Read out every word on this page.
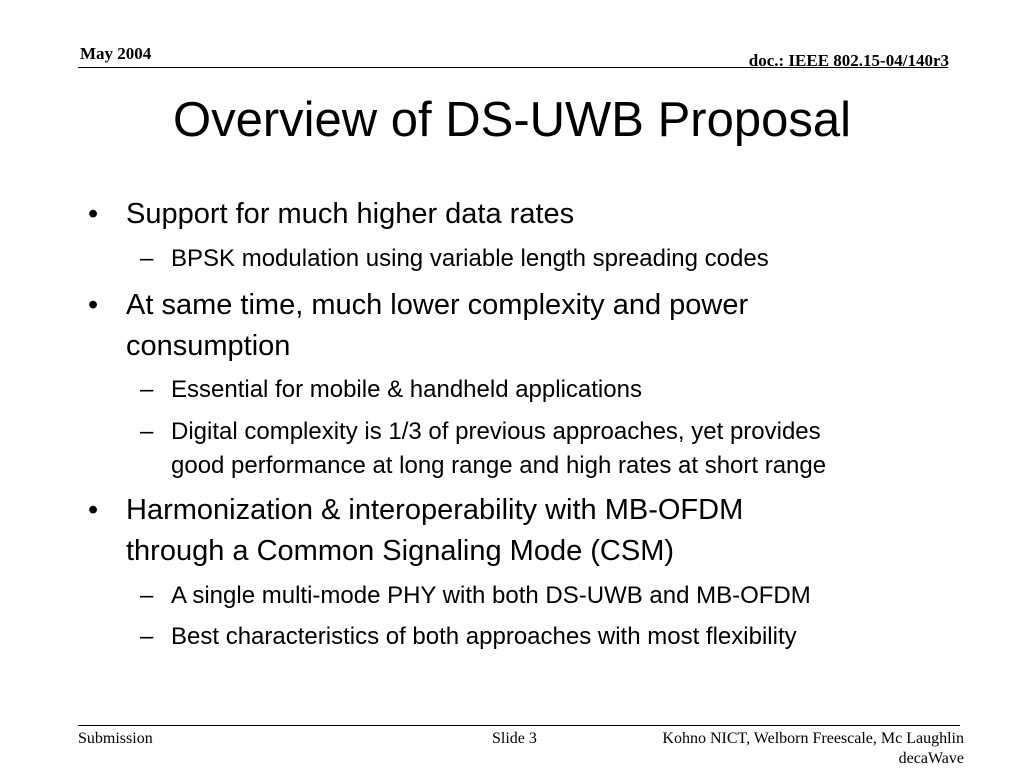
May 2004	doc.: IEEE 802.15-04/140r3
Overview of DS-UWB Proposal
• Support for much higher data rates
– BPSK modulation using variable length spreading codes
• At same time, much lower complexity and power
consumption
– Essential for mobile & handheld applications
– Digital complexity is 1/3 of previous approaches, yet provides
good performance at long range and high rates at short range
• Harmonization & interoperability with MB-OFDM
through a Common Signaling Mode (CSM)
– A single multi-mode PHY with both DS-UWB and MB-OFDM
– Best characteristics of both approaches with most flexibility
Submission	Slide 3	Kohno NICT, Welborn Freescale, Mc Laughlin
decaWave
